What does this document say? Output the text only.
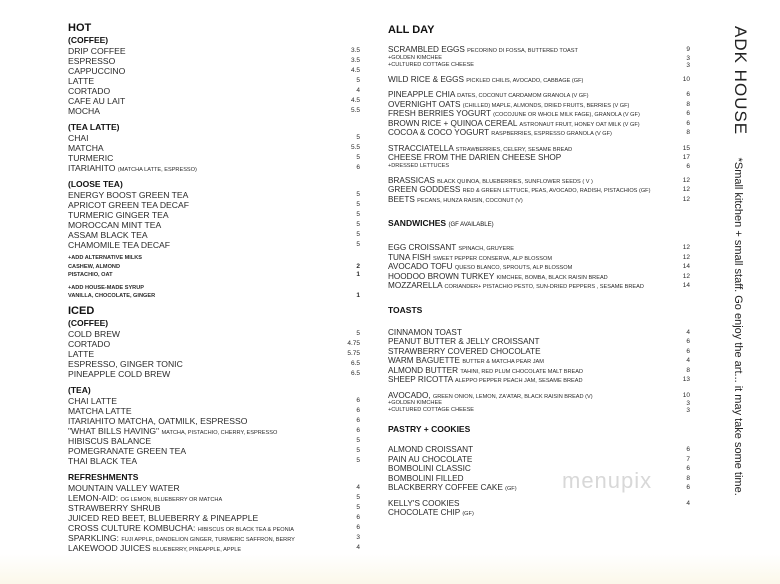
HOT
(COFFEE)
DRIP COFFEE	3.5
ESPRESSO	3.5
CAPPUCCINO	4.5
LATTE	5
CORTADO	4
CAFE AU LAIT	4.5
MOCHA	5.5
(TEA LATTE)
CHAI	5
MATCHA	5.5
TURMERIC	5
ITARIAHITO (MATCHA LATTE, ESPRESSO)	6
(LOOSE TEA)
ENERGY BOOST GREEN TEA	5
APRICOT GREEN TEA DECAF	5
TURMERIC GINGER TEA	5
MOROCCAN MINT TEA	5
ASSAM BLACK TEA	5
CHAMOMILE TEA DECAF	5
+ADD ALTERNATIVE MILKS
CASHEW, ALMOND	2
PISTACHIO, OAT	1
+ADD HOUSE-MADE SYRUP
VANILLA, CHOCOLATE, GINGER	1
ICED
(COFFEE)
COLD BREW	5
CORTADO	4.75
LATTE	5.75
ESPRESSO, GINGER TONIC	6.5
PINEAPPLE COLD BREW	6.5
(TEA)
CHAI LATTE	6
MATCHA LATTE	6
ITARIAHITO MATCHA, OATMILK, ESPRESSO	6
"WHAT BILLS HAVING" MATCHA, PISTACHIO, CHERRY, ESPRESSO	6
HIBISCUS BALANCE	5
POMEGRANATE GREEN TEA	5
THAI BLACK TEA	5
REFRESHMENTS
MOUNTAIN VALLEY WATER	4
LEMON-AID: OG LEMON, BLUEBERRY OR MATCHA	5
STRAWBERRY SHRUB	5
JUICED RED BEET, BLUEBERRY & PINEAPPLE	6
CROSS CULTURE KOMBUCHA: HIBISCUS OR BLACK TEA & PEONIA	6
SPARKLING: FUJI APPLE, DANDELION GINGER, TURMERIC SAFFRON, BERRY	3
LAKEWOOD JUICES BLUEBERRY, PINEAPPLE, APPLE	4
ALL DAY
SCRAMBLED EGGS PECORINO DI FOSSA, BUTTERED TOAST	9
+GOLDEN KIMCHEE	3
+CULTURED COTTAGE CHEESE	3
WILD RICE & EGGS PICKLED CHILIS, AVOCADO, CABBAGE (GF)	10
PINEAPPLE CHIA DATES, COCONUT CARDAMOM GRANOLA (V GF)	6
OVERNIGHT OATS (CHILLED) MAPLE, ALMONDS, DRIED FRUITS, BERRIES (V GF)	8
FRESH BERRIES YOGURT (COCOJUNE OR WHOLE MILK FAGE), GRANOLA (V GF)	6
BROWN RICE + QUINOA CEREAL ASTRONAUT FRUIT, HONEY OAT MILK (V GF)	6
COCOA & COCO YOGURT RASPBERRIES, ESPRESSO GRANOLA (V GF)	8
STRACCIATELLA STRAWBERRIES, CELERY, SESAME BREAD	15
CHEESE FROM THE DARIEN CHEESE SHOP	17
+DRESSED LETTUCES	6
BRASSICAS BLACK QUINOA, BLUEBERRIES, SUNFLOWER SEEDS ( V )	12
GREEN GODDESS RED & GREEN LETTUCE, PEAS, AVOCADO, RADISH, PISTACHIOS (GF)	12
BEETS PECANS, HUNZA RAISIN, COCONUT (V)	12
SANDWICHES (GF AVAILABLE)
EGG CROISSANT SPINACH, GRUYERE	12
TUNA FISH SWEET PEPPER CONSERVA, ALP BLOSSOM	12
AVOCADO TOFU QUESO BLANCO, SPROUTS, ALP BLOSSOM	14
HOODOO BROWN TURKEY KIMCHEE, BOMBA, BLACK RAISIN BREAD	12
MOZZARELLA CORIANDER+ PISTACHIO PESTO, SUN-DRIED PEPPERS , SESAME BREAD	14
TOASTS
CINNAMON TOAST	4
PEANUT BUTTER & JELLY CROISSANT	6
STRAWBERRY COVERED CHOCOLATE	6
WARM BAGUETTE BUTTER & MATCHA PEAR JAM	4
ALMOND BUTTER TAHINI, RED PLUM CHOCOLATE MALT BREAD	8
SHEEP RICOTTA ALEPPO PEPPER PEACH JAM, SESAME BREAD	13
AVOCADO, GREEN ONION, LEMON, ZA'ATAR, BLACK RAISIN BREAD (V)	10
+GOLDEN KIMCHEE	3
+CULTURED COTTAGE CHEESE	3
PASTRY + COOKIES
ALMOND CROISSANT	6
PAIN AU CHOCOLATE	7
BOMBOLINI CLASSIC	6
BOMBOLINI FILLED	8
BLACKBERRY COFFEE CAKE (GF)	6
KELLY'S COOKIES	4
CHOCOLATE CHIP (GF)
ADK HOUSE *Small kitchen + small staff. Go enjoy the art... it may take some time.
menupix
